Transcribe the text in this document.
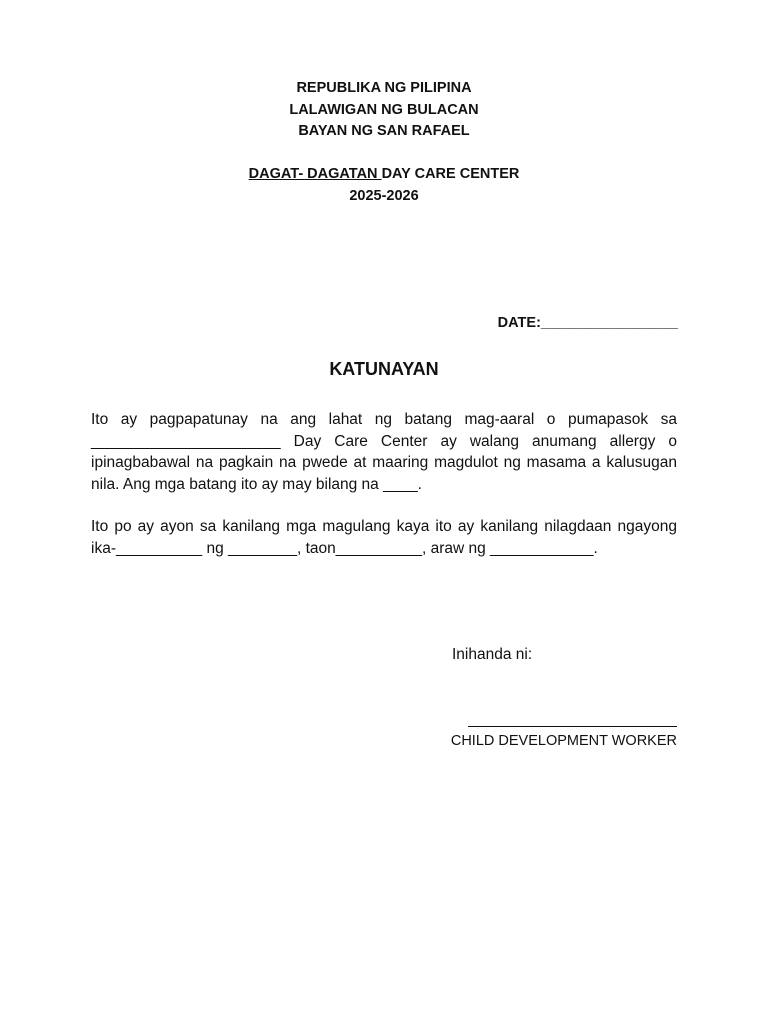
REPUBLIKA NG PILIPINA
LALAWIGAN NG BULACAN
BAYAN NG SAN RAFAEL
DAGAT- DAGATAN DAY CARE CENTER
2025-2026
DATE:_________________
KATUNAYAN
Ito ay pagpapatunay na ang lahat ng batang mag-aaral o pumapasok sa ______________________ Day Care Center ay walang anumang allergy o ipinagbabawal na pagkain na pwede at maaring magdulot ng masama a kalusugan nila. Ang mga batang ito ay may bilang na ____.
Ito po ay ayon sa kanilang mga magulang kaya ito ay kanilang nilagdaan ngayong ika-__________ ng ________, taon__________, araw ng ____________.
Inihanda ni:
CHILD DEVELOPMENT WORKER
